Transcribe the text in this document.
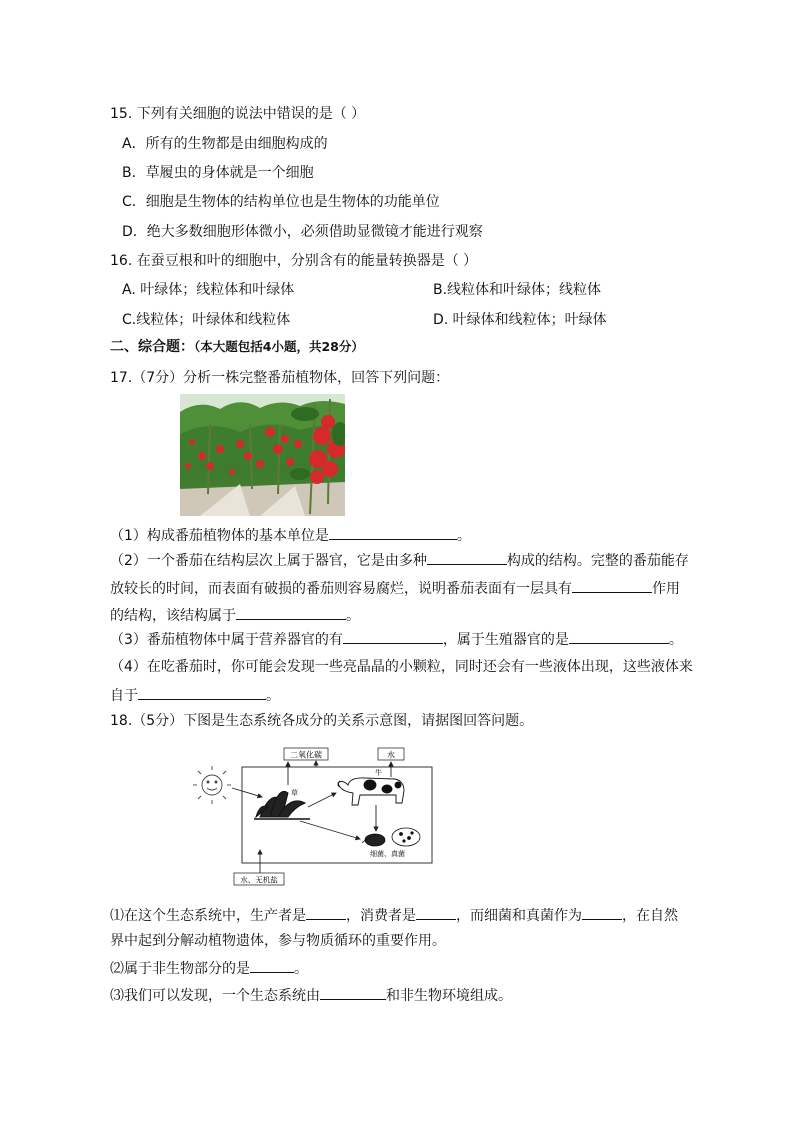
15. 下列有关细胞的说法中错误的是（ ）
A．所有的生物都是由细胞构成的
B．草履虫的身体就是一个细胞
C．细胞是生物体的结构单位也是生物体的功能单位
D．绝大多数细胞形体微小，必须借助显微镜才能进行观察
16. 在蚕豆根和叶的细胞中，分别含有的能量转换器是（ ）
A. 叶绿体；线粒体和叶绿体	B.线粒体和叶绿体；线粒体
C.线粒体；叶绿体和线粒体	D. 叶绿体和线粒体；叶绿体
二、综合题：（本大题包括4小题，共28分）
17.（7分）分析一株完整番茄植物体，回答下列问题：
（1）构成番茄植物体的基本单位是	。
（2）一个番茄在结构层次上属于器官，它是由多种	构成的结构。完整的番茄能存
放较长的时间，而表面有破损的番茄则容易腐烂，说明番茄表面有一层具有	作用
的结构，该结构属于	。
（3）番茄植物体中属于营养器官的有	，属于生殖器官的是	。
（4）在吃番茄时，你可能会发现一些亮晶晶的小颗粒，同时还会有一些液体出现，这些液体来
自于	。
18.（5分）下图是生态系统各成分的关系示意图，请据图回答问题。
二氧化碳	水
水、无机盐
草
牛
细菌、真菌
⑴在这个生态系统中，生产者是	，消费者是	，而细菌和真菌作为	，在自然
界中起到分解动植物遗体，参与物质循环的重要作用。
⑵属于非生物部分的是	。
⑶我们可以发现，一个生态系统由	和非生物环境组成。
